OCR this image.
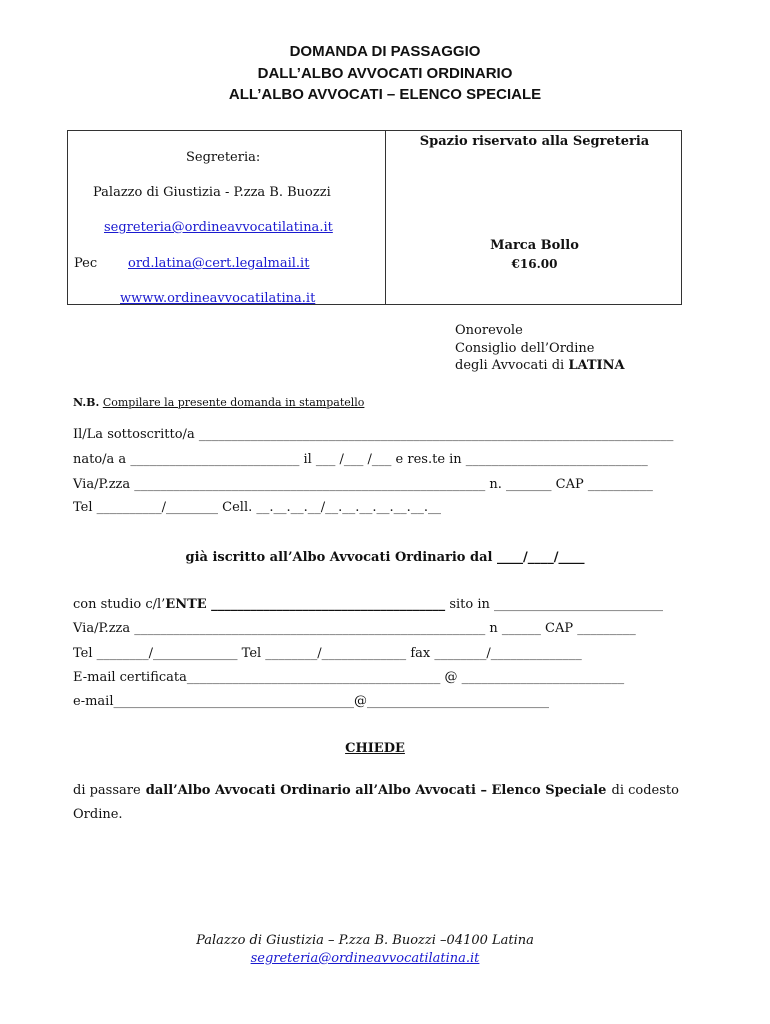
DOMANDA DI PASSAGGIO
DALL’ALBO AVVOCATI ORDINARIO
ALL’ALBO AVVOCATI – ELENCO SPECIALE
Segreteria:
Palazzo di Giustizia - P.zza B. Buozzi
segreteria@ordineavvocatilatina.it
Pec ord.latina@cert.legalmail.it
wwww.ordineavvocatilatina.it
Spazio riservato alla Segreteria
Marca Bollo
€16.00
Onorevole
Consiglio dell’Ordine
degli Avvocati di LATINA
N.B. Compilare la presente domanda in stampatello
Il/La sottoscritto/a _________________________________________________________________________
nato/a a __________________________ il ___ /___ /___ e res.te in ____________________________
Via/P.zza ______________________________________________________ n. _______ CAP __________
Tel __________/________ Cell. __.__.__.__/__.__.__.__.__.__.__
già iscritto all’Albo Avvocati Ordinario dal ____/____/____
con studio c/l’ENTE ____________________________________ sito in __________________________
Via/P.zza ______________________________________________________ n ______ CAP _________
Tel ________/_____________ Tel ________/_____________ fax ________/______________
E-mail certificata_______________________________________ @ _________________________
e-mail_____________________________________@____________________________
CHIEDE
di passare dall’Albo Avvocati Ordinario all’Albo Avvocati – Elenco Speciale di codesto
Ordine.
Palazzo di Giustizia – P.zza B. Buozzi –04100 Latina
segreteria@ordineavvocatilatina.it
